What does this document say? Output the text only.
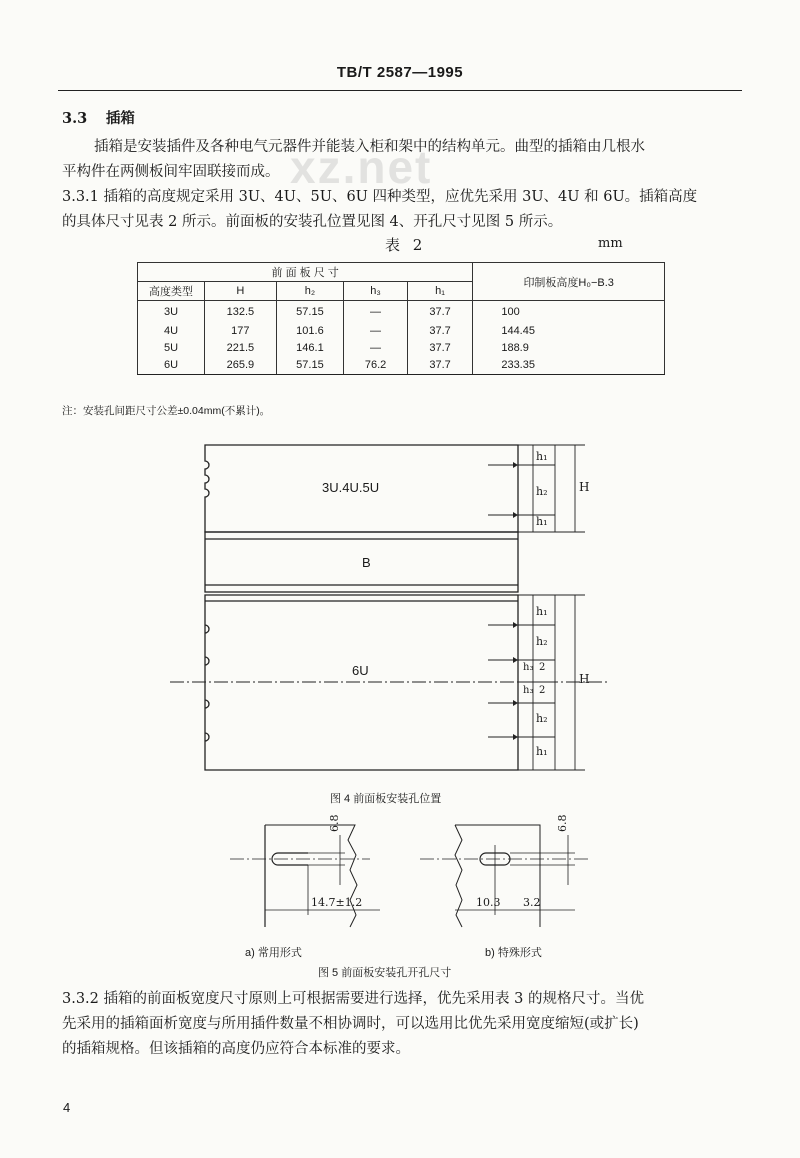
TB/T 2587—1995
xz.net
3.3 插箱
插箱是安装插件及各种电气元器件并能装入柜和架中的结构单元。曲型的插箱由几根水
平构件在两侧板间牢固联接而成。
3.3.1 插箱的高度规定采用 3U、4U、5U、6U 四种类型，应优先采用 3U、4U 和 6U。插箱高度
的具体尺寸见表 2 所示。前面板的安装孔位置见图 4、开孔尺寸见图 5 所示。
表 2	mm
前 面 板 尺 寸					印制板高度H₀−B.3
高度类型	H	h₂	h₃	h₁	
3U	132.5	57.15	—	37.7	100
4U	177	101.6	—	37.7	144.45
5U	221.5	146.1	—	37.7	188.9
6U	265.9	57.15	76.2	37.7	233.35
注：安装孔间距尺寸公差±0.04mm(不累计)。
3U.4U.5U
B
6U
h₁
h₂
h₁
H
h₁
h₂
h₃ 2
h₃ 2
h₂
h₁
H
图 4 前面板安装孔位置
6.8
14.7±1.2
6.8
10.3 3.2
a) 常用形式	b) 特殊形式
图 5 前面板安装孔开孔尺寸
3.3.2 插箱的前面板宽度尺寸原则上可根据需要进行选择，优先采用表 3 的规格尺寸。当优
先采用的插箱面析宽度与所用插件数量不相协调时，可以选用比优先采用宽度缩短(或扩长)
的插箱规格。但该插箱的高度仍应符合本标准的要求。
4
